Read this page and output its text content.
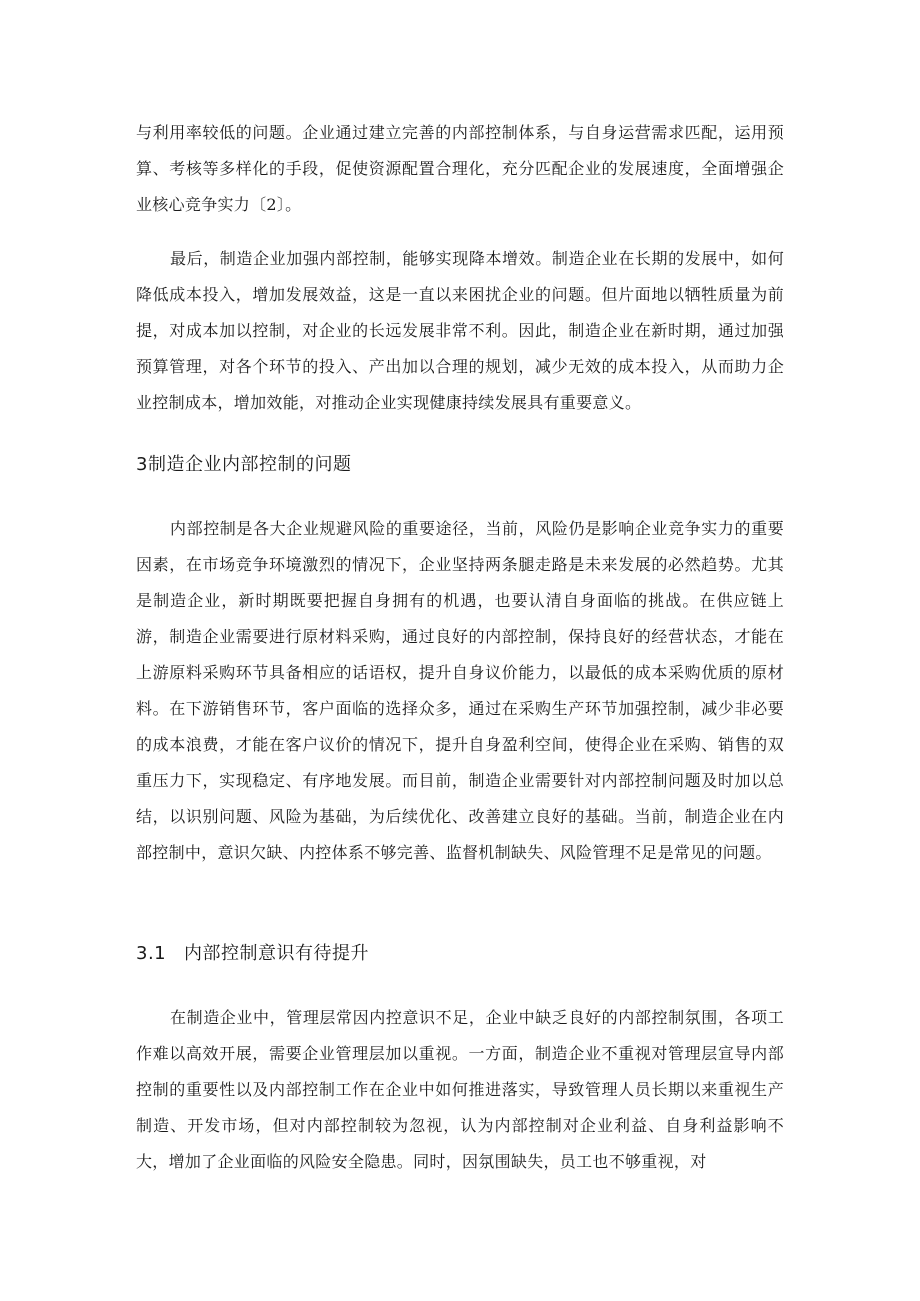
与利用率较低的问题。企业通过建立完善的内部控制体系，与自身运营需求匹配，运用预算、考核等多样化的手段，促使资源配置合理化，充分匹配企业的发展速度，全面增强企业核心竞争实力〔2〕。

最后，制造企业加强内部控制，能够实现降本增效。制造企业在长期的发展中，如何降低成本投入，增加发展效益，这是一直以来困扰企业的问题。但片面地以牺牲质量为前提，对成本加以控制，对企业的长远发展非常不利。因此，制造企业在新时期，通过加强预算管理，对各个环节的投入、产出加以合理的规划，减少无效的成本投入，从而助力企业控制成本，增加效能，对推动企业实现健康持续发展具有重要意义。

3制造企业内部控制的问题

内部控制是各大企业规避风险的重要途径，当前，风险仍是影响企业竞争实力的重要因素，在市场竞争环境激烈的情况下，企业坚持两条腿走路是未来发展的必然趋势。尤其是制造企业，新时期既要把握自身拥有的机遇，也要认清自身面临的挑战。在供应链上游，制造企业需要进行原材料采购，通过良好的内部控制，保持良好的经营状态，才能在上游原料采购环节具备相应的话语权，提升自身议价能力，以最低的成本采购优质的原材料。在下游销售环节，客户面临的选择众多，通过在采购生产环节加强控制，减少非必要的成本浪费，才能在客户议价的情况下，提升自身盈利空间，使得企业在采购、销售的双重压力下，实现稳定、有序地发展。而目前，制造企业需要针对内部控制问题及时加以总结，以识别问题、风险为基础，为后续优化、改善建立良好的基础。当前，制造企业在内部控制中，意识欠缺、内控体系不够完善、监督机制缺失、风险管理不足是常见的问题。

3.1 内部控制意识有待提升

在制造企业中，管理层常因内控意识不足，企业中缺乏良好的内部控制氛围，各项工作难以高效开展，需要企业管理层加以重视。一方面，制造企业不重视对管理层宣导内部控制的重要性以及内部控制工作在企业中如何推进落实，导致管理人员长期以来重视生产制造、开发市场，但对内部控制较为忽视，认为内部控制对企业利益、自身利益影响不大，增加了企业面临的风险安全隐患。同时，因氛围缺失，员工也不够重视，对
